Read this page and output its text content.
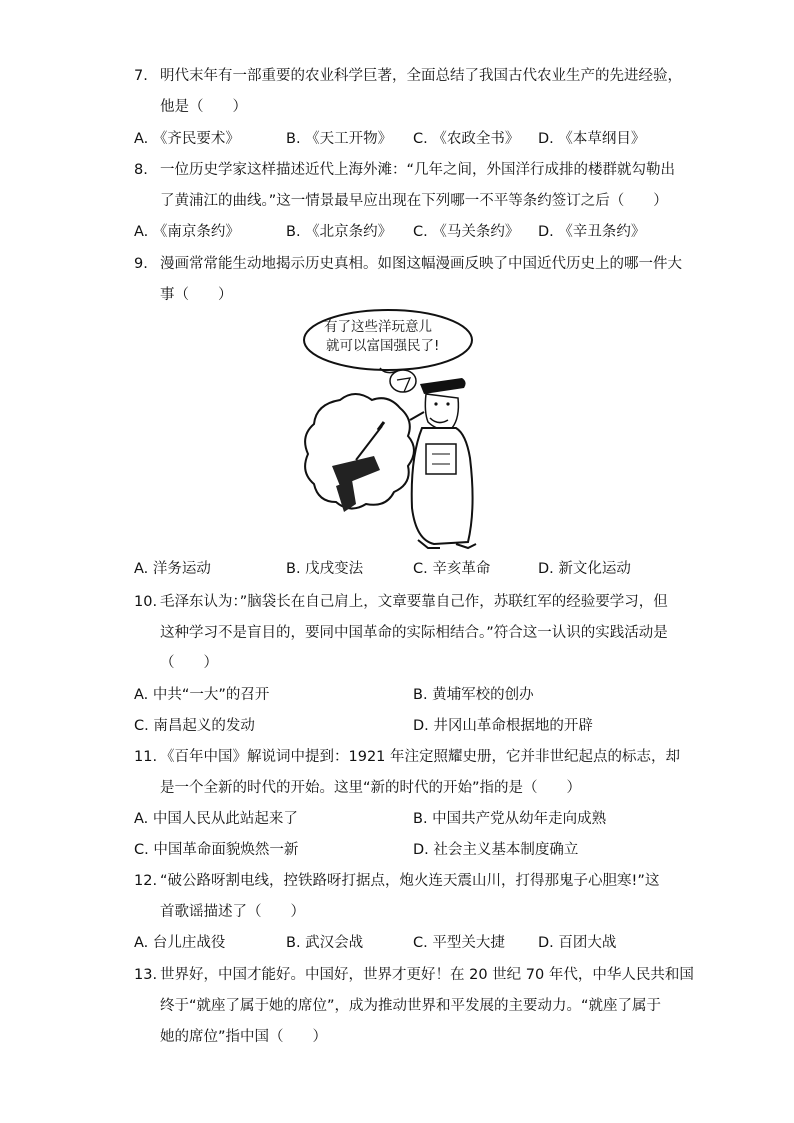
7. 明代末年有一部重要的农业科学巨著，全面总结了我国古代农业生产的先进经验，
他是（　　）
A. 《齐民要术》	B. 《天工开物》 C. 《农政全书》 D. 《本草纲目》
8. 一位历史学家这样描述近代上海外滩：“几年之间，外国洋行成排的楼群就勾勒出
了黄浦江的曲线。”这一情景最早应出现在下列哪一不平等条约签订之后（　　）
A. 《南京条约》	B. 《北京条约》 C. 《马关条约》 D. 《辛丑条约》
9. 漫画常常能生动地揭示历史真相。如图这幅漫画反映了中国近代历史上的哪一件大
事（　　）
有了这些洋玩意儿
就可以富国强民了!
A. 洋务运动	B. 戊戌变法	C. 辛亥革命	D. 新文化运动
10. 毛泽东认为：”脑袋长在自己肩上，文章要靠自己作，苏联红军的经验要学习，但
这种学习不是盲目的，要同中国革命的实际相结合。”符合这一认识的实践活动是
（　　）
A. 中共“一大”的召开	B. 黄埔军校的创办
C. 南昌起义的发动	D. 井冈山革命根据地的开辟
11. 《百年中国》解说词中提到：1921 年注定照耀史册，它并非世纪起点的标志，却
是一个全新的时代的开始。这里“新的时代的开始”指的是（　　）
A. 中国人民从此站起来了	B. 中国共产党从幼年走向成熟
C. 中国革命面貌焕然一新	D. 社会主义基本制度确立
12. “破公路呀割电线，控铁路呀打据点，炮火连天震山川，打得那鬼子心胆寒!”这
首歌谣描述了（　　）
A. 台儿庄战役	B. 武汉会战	C. 平型关大捷 D. 百团大战
13. 世界好，中国才能好。中国好，世界才更好！在 20 世纪 70 年代，中华人民共和国
终于“就座了属于她的席位”，成为推动世界和平发展的主要动力。“就座了属于
她的席位”指中国（　　）
